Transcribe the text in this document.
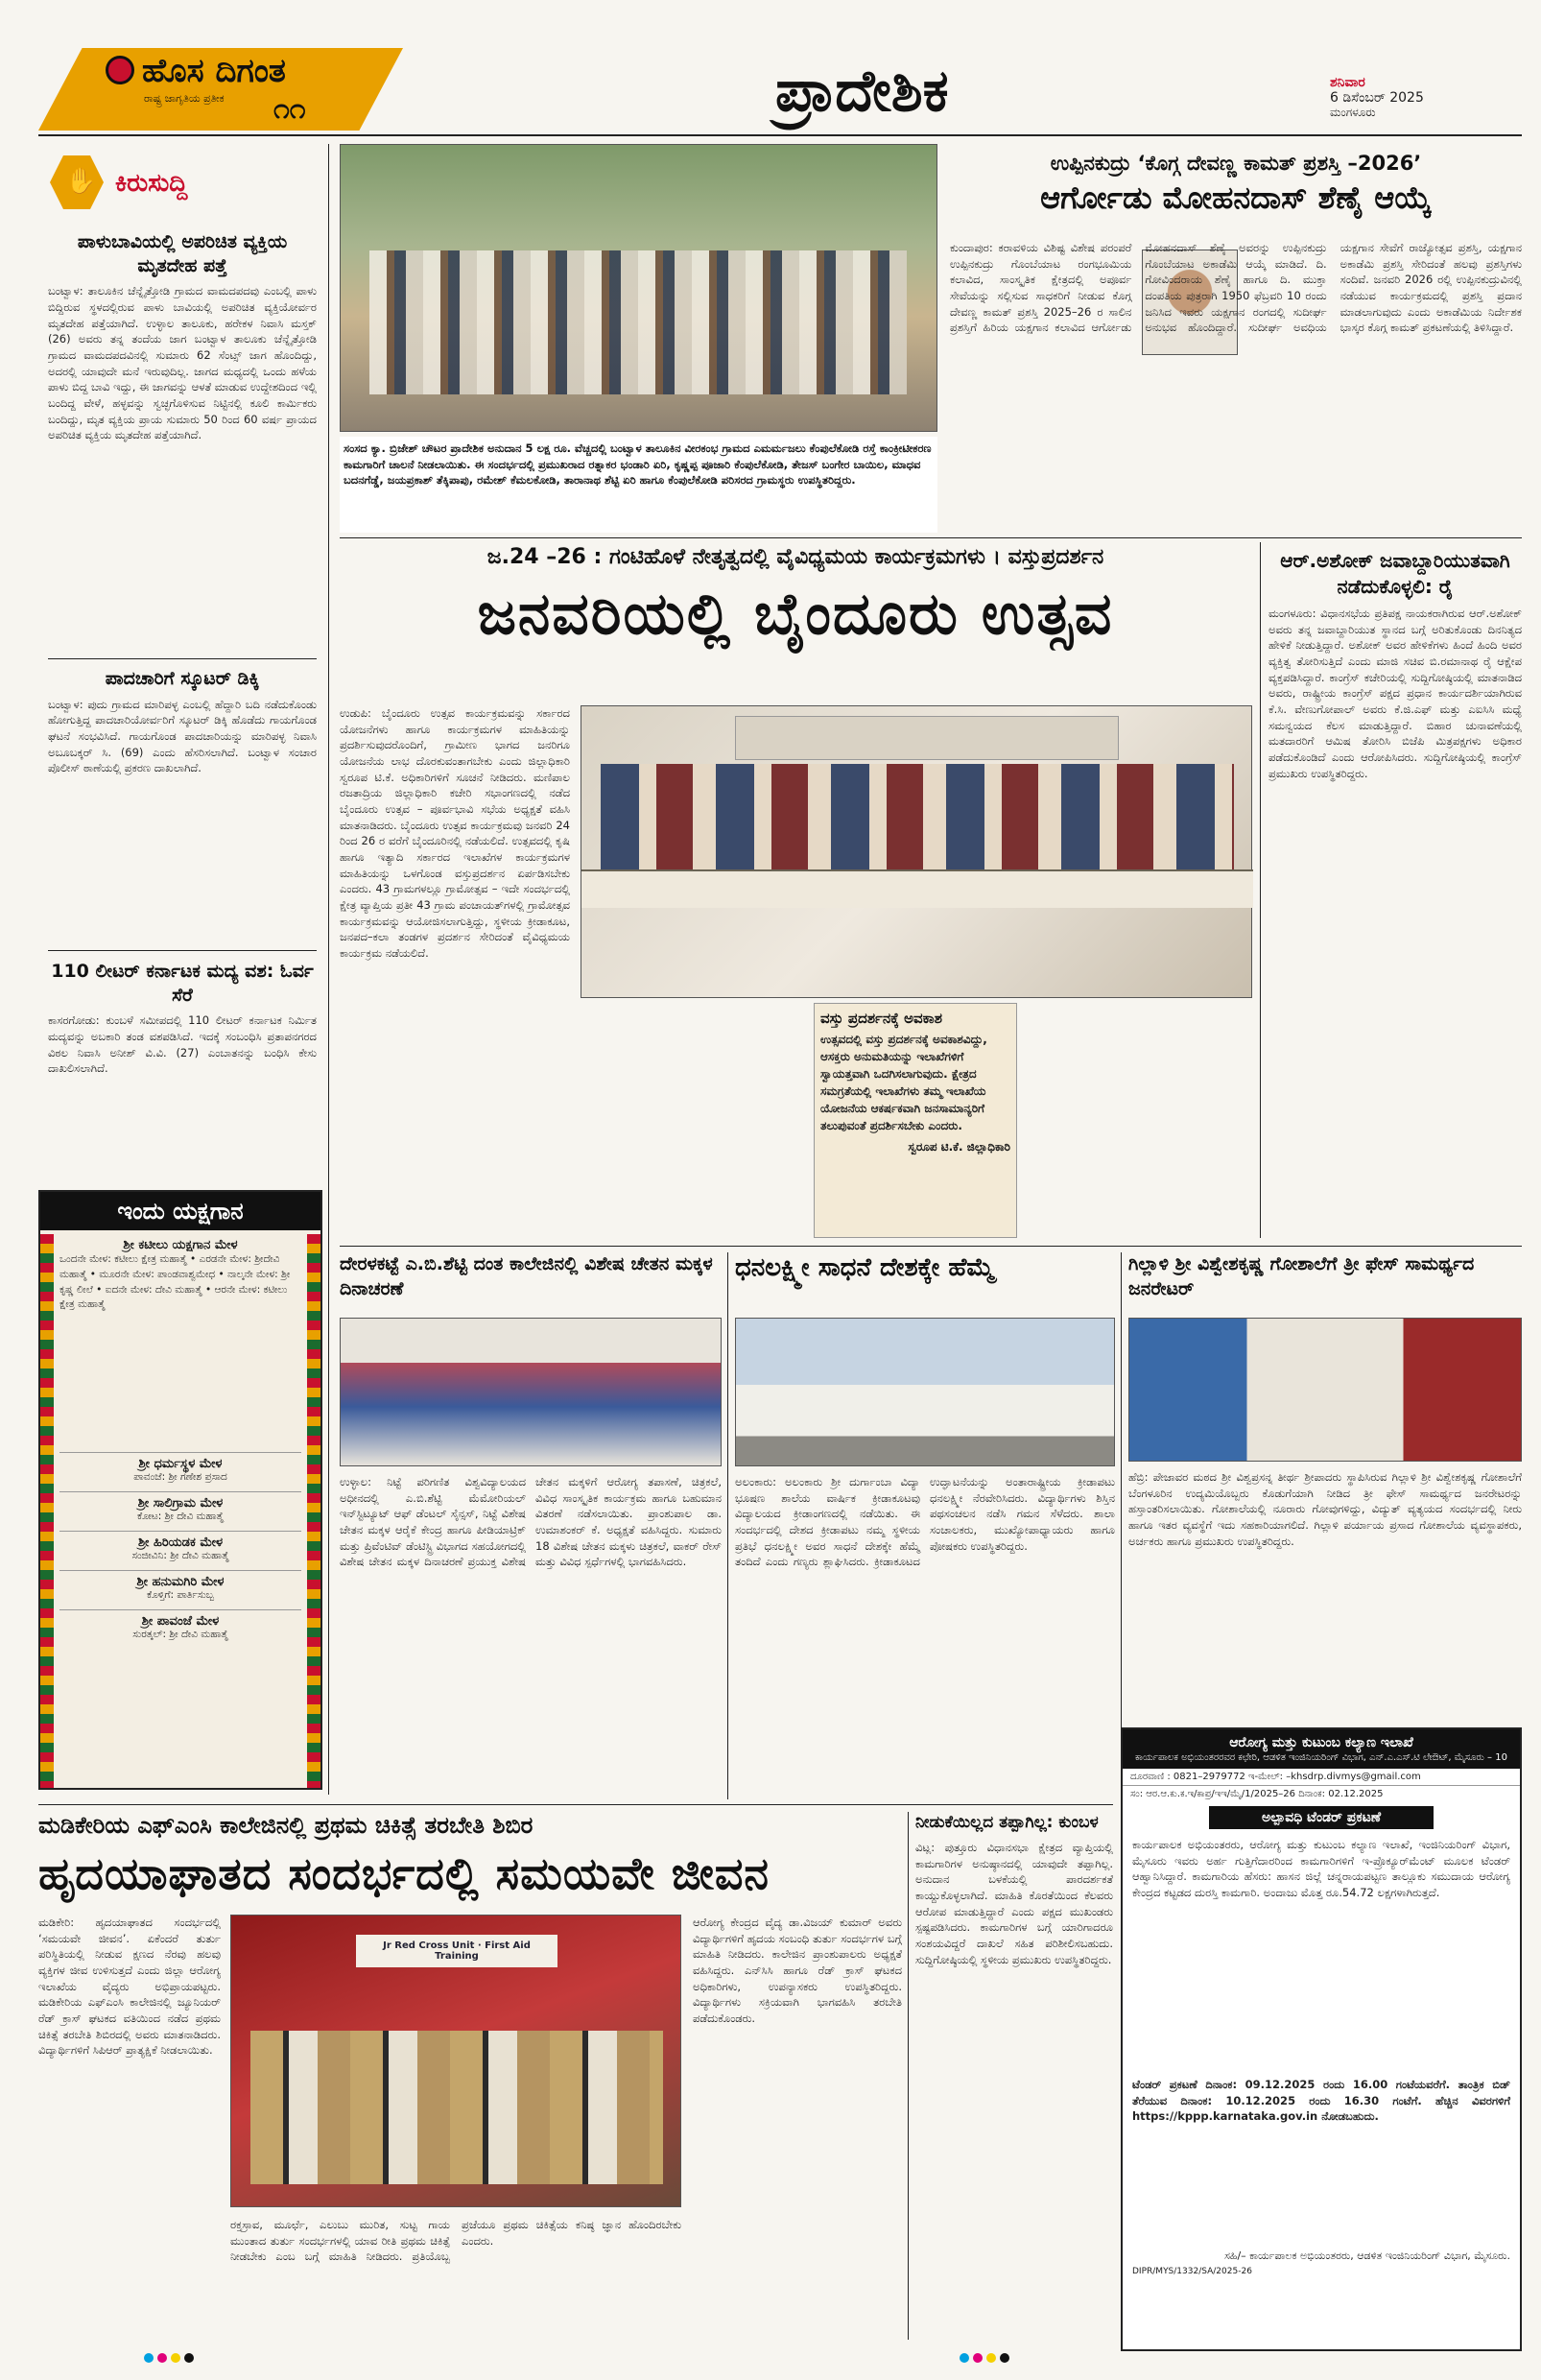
ಹೊಸ ದಿಗಂತ
ರಾಷ್ಟ್ರ ಜಾಗೃತಿಯ ಪ್ರತೀಕ ೧೧	ಪ್ರಾದೇಶಿಕ	ಶನಿವಾರ
6 ಡಿಸೆಂಬರ್ 2025
ಮಂಗಳೂರು
✋ ಕಿರುಸುದ್ದಿ
ಪಾಳುಬಾವಿಯಲ್ಲಿ ಅಪರಿಚಿತ ವ್ಯಕ್ತಿಯ ಮೃತದೇಹ ಪತ್ತೆ
ಬಂಟ್ವಾಳ: ತಾಲೂಕಿನ ಚೆನ್ನೈತ್ತೋಡಿ ಗ್ರಾಮದ ವಾಮದಪದವು ಎಂಬಲ್ಲಿ ಪಾಳು ಬಿದ್ದಿರುವ ಸ್ಥಳದಲ್ಲಿರುವ ಪಾಳು ಬಾವಿಯಲ್ಲಿ ಅಪರಿಚಿತ ವ್ಯಕ್ತಿಯೋರ್ವರ ಮೃತದೇಹ ಪತ್ತೆಯಾಗಿದೆ. ಉಳ್ಳಾಲ ತಾಲೂಕು, ಹರೇಕಳ ನಿವಾಸಿ ಮಸ್ತಕ್ (26) ಅವರು ತನ್ನ ತಂದೆಯ ಜಾಗ ಬಂಟ್ವಾಳ ತಾಲೂಕು ಚೆನ್ನೈತ್ತೋಡಿ ಗ್ರಾಮದ ವಾಮದಪದವಿನಲ್ಲಿ ಸುಮಾರು 62 ಸೆಂಟ್ಸ್ ಜಾಗ ಹೊಂದಿದ್ದು, ಅದರಲ್ಲಿ ಯಾವುದೇ ಮನೆ ಇರುವುದಿಲ್ಲ. ಜಾಗದ ಮಧ್ಯದಲ್ಲಿ ಒಂದು ಹಳೆಯ ಪಾಳು ಬಿದ್ದ ಬಾವಿ ಇದ್ದು, ಈ ಜಾಗವನ್ನು ಆಳತೆ ಮಾಡುವ ಉದ್ದೇಶದಿಂದ ಇಲ್ಲಿ ಬಂದಿದ್ದ ವೇಳೆ, ಹಳ್ಳವನ್ನು ಸ್ವಚ್ಛಗೊಳಿಸುವ ನಿಟ್ಟಿನಲ್ಲಿ ಕೂಲಿ ಕಾರ್ಮಿಕರು ಬಂದಿದ್ದು, ಮೃತ ವ್ಯಕ್ತಿಯ ಪ್ರಾಯ ಸುಮಾರು 50 ರಿಂದ 60 ವರ್ಷ ಪ್ರಾಯದ ಅಪರಿಚಿತ ವ್ಯಕ್ತಿಯ ಮೃತದೇಹ ಪತ್ತೆಯಾಗಿದೆ.
ಪಾದಚಾರಿಗೆ ಸ್ಕೂಟರ್ ಡಿಕ್ಕಿ
ಬಂಟ್ವಾಳ: ಪುದು ಗ್ರಾಮದ ಮಾರಿಪಳ್ಳ ಎಂಬಲ್ಲಿ ಹೆದ್ದಾರಿ ಬದಿ ನಡೆದುಕೊಂಡು ಹೋಗುತ್ತಿದ್ದ ಪಾದಚಾರಿಯೋರ್ವರಿಗೆ ಸ್ಕೂಟರ್ ಡಿಕ್ಕಿ ಹೊಡೆದು ಗಾಯಗೊಂಡ ಘಟನೆ ಸಂಭವಿಸಿದೆ. ಗಾಯಗೊಂಡ ಪಾದಚಾರಿಯನ್ನು ಮಾರಿಪಳ್ಳ ನಿವಾಸಿ ಅಬೂಬಕ್ಕರ್ ಸಿ. (69) ಎಂದು ಹೆಸರಿಸಲಾಗಿದೆ. ಬಂಟ್ವಾಳ ಸಂಚಾರ ಪೊಲೀಸ್ ಠಾಣೆಯಲ್ಲಿ ಪ್ರಕರಣ ದಾಖಲಾಗಿದೆ.
110 ಲೀಟರ್ ಕರ್ನಾಟಕ ಮದ್ಯ ವಶ: ಓರ್ವ ಸೆರೆ
ಕಾಸರಗೋಡು: ಕುಂಬಳೆ ಸಮೀಪದಲ್ಲಿ 110 ಲೀಟರ್ ಕರ್ನಾಟಕ ನಿರ್ಮಿತ ಮದ್ಯವನ್ನು ಅಬಕಾರಿ ತಂಡ ವಶಪಡಿಸಿದೆ. ಇದಕ್ಕೆ ಸಂಬಂಧಿಸಿ ಪ್ರತಾಪನಗರದ ವಿಠಲ ನಿವಾಸಿ ಅನೀಶ್ ವಿ.ವಿ. (27) ಎಂಬಾತನನ್ನು ಬಂಧಿಸಿ ಕೇಸು ದಾಖಲಿಸಲಾಗಿದೆ.
ಇಂದು ಯಕ್ಷಗಾನ
ಶ್ರೀ ಕಟೀಲು ಯಕ್ಷಗಾನ ಮೇಳ
ಒಂದನೇ ಮೇಳ: ಕಟೀಲು ಕ್ಷೇತ್ರ ಮಹಾತ್ಮೆ • ಎರಡನೇ ಮೇಳ: ಶ್ರೀದೇವಿ ಮಹಾತ್ಮೆ • ಮೂರನೇ ಮೇಳ: ಪಾಂಡವಾಶ್ವಮೇಧ • ನಾಲ್ಕನೇ ಮೇಳ: ಶ್ರೀ ಕೃಷ್ಣ ಲೀಲೆ • ಐದನೇ ಮೇಳ: ದೇವಿ ಮಹಾತ್ಮೆ • ಆರನೇ ಮೇಳ: ಕಟೀಲು ಕ್ಷೇತ್ರ ಮಹಾತ್ಮೆ
ಶ್ರೀ ಧರ್ಮಸ್ಥಳ ಮೇಳ
ಪಾವಂಜೆ: ಶ್ರೀ ಗಣೇಶ ಪ್ರಸಾದ
ಶ್ರೀ ಸಾಲಿಗ್ರಾಮ ಮೇಳ
ಕೋಟ: ಶ್ರೀ ದೇವಿ ಮಹಾತ್ಮೆ
ಶ್ರೀ ಹಿರಿಯಡಕ ಮೇಳ
ಸಂಜೀವಿನಿ: ಶ್ರೀ ದೇವಿ ಮಹಾತ್ಮೆ
ಶ್ರೀ ಹನುಮಗಿರಿ ಮೇಳ
ಕೊಳ್ತಿಗೆ: ಪಾರ್ತಿಸುಬ್ಬ
ಶ್ರೀ ಪಾವಂಜೆ ಮೇಳ
ಸುರತ್ಕಲ್: ಶ್ರೀ ದೇವಿ ಮಹಾತ್ಮೆ
ಸಂಸದ ಕ್ಯಾ. ಬ್ರಿಜೇಶ್ ಚೌಟರ ಪ್ರಾದೇಶಿಕ ಅನುದಾನ 5 ಲಕ್ಷ ರೂ. ವೆಚ್ಚದಲ್ಲಿ ಬಂಟ್ವಾಳ ತಾಲೂಕಿನ ವೀರಕಂಭ ಗ್ರಾಮದ ಎಮರ್ಮಜಲು ಕೆಂಪುಲೆಕೋಡಿ ರಸ್ತೆ ಕಾಂಕ್ರೀಟೀಕರಣ ಕಾಮಗಾರಿಗೆ ಚಾಲನೆ ನೀಡಲಾಯಿತು. ಈ ಸಂದರ್ಭದಲ್ಲಿ ಪ್ರಮುಖರಾದ ರತ್ನಾಕರ ಭಂಡಾರಿ ಏರಿ, ಕೃಷ್ಣಪ್ಪ ಪೂಜಾರಿ ಕೆಂಪುಲೆಕೋಡಿ, ತೇಜಸ್ ಬಂಗೇರ ಬಾಯಿಲ, ಮಾಧವ ಬದನಗೆಡ್ಡೆ, ಜಯಪ್ರಕಾಶ್ ತೆಕ್ಕಿಪಾಪು, ರಮೇಶ್ ಕೆಮಲಕೋಡಿ, ತಾರಾನಾಥ ಶೆಟ್ಟಿ ಏರಿ ಹಾಗೂ ಕೆಂಪುಲೆಕೋಡಿ ಪರಿಸರದ ಗ್ರಾಮಸ್ಥರು ಉಪಸ್ಥಿತರಿದ್ದರು.
ಉಪ್ಪಿನಕುದ್ರು ‘ಕೊಗ್ಗ ದೇವಣ್ಣ ಕಾಮತ್ ಪ್ರಶಸ್ತಿ –2026’
ಆರ್ಗೋಡು ಮೋಹನದಾಸ್ ಶೆಣೈ ಆಯ್ಕೆ
ಕುಂದಾಪುರ: ಕರಾವಳಿಯ ವಿಶಿಷ್ಟ ವಿಶೇಷ ಪರಂಪರೆ ಉಪ್ಪಿನಕುದ್ರು ಗೊಂಬೆಯಾಟ ರಂಗಭೂಮಿಯ ಕಲಾವಿದ, ಸಾಂಸ್ಕೃತಿಕ ಕ್ಷೇತ್ರದಲ್ಲಿ ಅಪೂರ್ವ ಸೇವೆಯನ್ನು ಸಲ್ಲಿಸುವ ಸಾಧಕರಿಗೆ ನೀಡುವ ಕೊಗ್ಗ ದೇವಣ್ಣ ಕಾಮತ್ ಪ್ರಶಸ್ತಿ 2025–26 ರ ಸಾಲಿನ ಪ್ರಶಸ್ತಿಗೆ ಹಿರಿಯ ಯಕ್ಷಗಾನ ಕಲಾವಿದ ಆರ್ಗೋಡು ಮೋಹನದಾಸ್ ಶೆಣೈ ಅವರನ್ನು ಉಪ್ಪಿನಕುದ್ರು ಗೊಂಬೆಯಾಟ ಅಕಾಡೆಮಿ ಆಯ್ಕೆ ಮಾಡಿದೆ. ದಿ. ಗೋವಿಂದರಾಯ ಶೆಣೈ ಹಾಗೂ ದಿ. ಮುಕ್ತಾ ದಂಪತಿಯ ಪುತ್ರರಾಗಿ 1950 ಫೆಬ್ರವರಿ 10 ರಂದು ಜನಿಸಿದ ಇವರು ಯಕ್ಷಗಾನ ರಂಗದಲ್ಲಿ ಸುದೀರ್ಘ ಅನುಭವ ಹೊಂದಿದ್ದಾರೆ. ಸುದೀರ್ಘ ಅವಧಿಯ ಯಕ್ಷಗಾನ ಸೇವೆಗೆ ರಾಜ್ಯೋತ್ಸವ ಪ್ರಶಸ್ತಿ, ಯಕ್ಷಗಾನ ಅಕಾಡೆಮಿ ಪ್ರಶಸ್ತಿ ಸೇರಿದಂತೆ ಹಲವು ಪ್ರಶಸ್ತಿಗಳು ಸಂದಿವೆ. ಜನವರಿ 2026 ರಲ್ಲಿ ಉಪ್ಪಿನಕುದ್ರುವಿನಲ್ಲಿ ನಡೆಯುವ ಕಾರ್ಯಕ್ರಮದಲ್ಲಿ ಪ್ರಶಸ್ತಿ ಪ್ರದಾನ ಮಾಡಲಾಗುವುದು ಎಂದು ಅಕಾಡೆಮಿಯ ನಿರ್ದೇಶಕ ಭಾಸ್ಕರ ಕೊಗ್ಗ ಕಾಮತ್ ಪ್ರಕಟಣೆಯಲ್ಲಿ ತಿಳಿಸಿದ್ದಾರೆ.
ಜ.24 –26 : ಗಂಟಿಹೊಳೆ ನೇತೃತ್ವದಲ್ಲಿ ವೈವಿಧ್ಯಮಯ ಕಾರ್ಯಕ್ರಮಗಳು । ವಸ್ತುಪ್ರದರ್ಶನ
ಜನವರಿಯಲ್ಲಿ ಬೈಂದೂರು ಉತ್ಸವ
ಉಡುಪಿ: ಬೈಂದೂರು ಉತ್ಸವ ಕಾರ್ಯಕ್ರಮವನ್ನು ಸರ್ಕಾರದ ಯೋಜನೆಗಳು ಹಾಗೂ ಕಾರ್ಯಕ್ರಮಗಳ ಮಾಹಿತಿಯನ್ನು ಪ್ರದರ್ಶಿಸುವುದರೊಂದಿಗೆ, ಗ್ರಾಮೀಣ ಭಾಗದ ಜನರಿಗೂ ಯೋಜನೆಯ ಲಾಭ ದೊರಕುವಂತಾಗಬೇಕು ಎಂದು ಜಿಲ್ಲಾಧಿಕಾರಿ ಸ್ವರೂಪ ಟಿ.ಕೆ. ಅಧಿಕಾರಿಗಳಿಗೆ ಸೂಚನೆ ನೀಡಿದರು. ಮಣಿಪಾಲ ರಜತಾದ್ರಿಯ ಜಿಲ್ಲಾಧಿಕಾರಿ ಕಚೇರಿ ಸಭಾಂಗಣದಲ್ಲಿ ನಡೆದ ಬೈಂದೂರು ಉತ್ಸವ – ಪೂರ್ವಭಾವಿ ಸಭೆಯ ಅಧ್ಯಕ್ಷತೆ ವಹಿಸಿ ಮಾತನಾಡಿದರು. ಬೈಂದೂರು ಉತ್ಸವ ಕಾರ್ಯಕ್ರಮವು ಜನವರಿ 24 ರಿಂದ 26 ರ ವರೆಗೆ ಬೈಂದೂರಿನಲ್ಲಿ ನಡೆಯಲಿದೆ. ಉತ್ಸವದಲ್ಲಿ ಕೃಷಿ ಹಾಗೂ ಇತ್ಯಾದಿ ಸರ್ಕಾರದ ಇಲಾಖೆಗಳ ಕಾರ್ಯಕ್ರಮಗಳ ಮಾಹಿತಿಯನ್ನು ಒಳಗೊಂಡ ವಸ್ತುಪ್ರದರ್ಶನ ಏರ್ಪಡಿಸಬೇಕು ಎಂದರು. 43 ಗ್ರಾಮಗಳಲ್ಲೂ ಗ್ರಾಮೋತ್ಸವ – ಇದೇ ಸಂದರ್ಭದಲ್ಲಿ ಕ್ಷೇತ್ರ ವ್ಯಾಪ್ತಿಯ ಪ್ರತೀ 43 ಗ್ರಾಮ ಪಂಚಾಯತ್‌ಗಳಲ್ಲಿ ಗ್ರಾಮೋತ್ಸವ ಕಾರ್ಯಕ್ರಮವನ್ನು ಆಯೋಜಿಸಲಾಗುತ್ತಿದ್ದು, ಸ್ಥಳೀಯ ಕ್ರೀಡಾಕೂಟ, ಜನಪದ–ಕಲಾ ತಂಡಗಳ ಪ್ರದರ್ಶನ ಸೇರಿದಂತೆ ವೈವಿಧ್ಯಮಯ ಕಾರ್ಯಕ್ರಮ ನಡೆಯಲಿದೆ.
ವಸ್ತು ಪ್ರದರ್ಶನಕ್ಕೆ ಅವಕಾಶ
ಉತ್ಸವದಲ್ಲಿ ವಸ್ತು ಪ್ರದರ್ಶನಕ್ಕೆ ಅವಕಾಶವಿದ್ದು, ಆಸಕ್ತರು ಅನುಮತಿಯನ್ನು ಇಲಾಖೆಗಳಿಗೆ ಸ್ವಾಯತ್ತವಾಗಿ ಒದಗಿಸಲಾಗುವುದು. ಕ್ಷೇತ್ರದ ಸಮಗ್ರತೆಯಲ್ಲಿ ಇಲಾಖೆಗಳು ತಮ್ಮ ಇಲಾಖೆಯ ಯೋಜನೆಯ ಆಕರ್ಷಕವಾಗಿ ಜನಸಾಮಾನ್ಯರಿಗೆ ತಲುಪುವಂತೆ ಪ್ರದರ್ಶಿಸಬೇಕು ಎಂದರು.
ಸ್ವರೂಪ ಟಿ.ಕೆ. ಜಿಲ್ಲಾಧಿಕಾರಿ
ಆರ್.ಅಶೋಕ್ ಜವಾಬ್ದಾರಿಯುತವಾಗಿ ನಡೆದುಕೊಳ್ಳಲಿ: ರೈ
ಮಂಗಳೂರು: ವಿಧಾನಸಭೆಯ ಪ್ರತಿಪಕ್ಷ ನಾಯಕರಾಗಿರುವ ಆರ್.ಅಶೋಕ್ ಅವರು ತನ್ನ ಜವಾಬ್ದಾರಿಯುತ ಸ್ಥಾನದ ಬಗ್ಗೆ ಅರಿತುಕೊಂಡು ದಿನನಿತ್ಯದ ಹೇಳಿಕೆ ನೀಡುತ್ತಿದ್ದಾರೆ. ಅಶೋಕ್ ಅವರ ಹೇಳಿಕೆಗಳು ಹಿಂದೆ ಹಿಂದಿ ಅವರ ವ್ಯಕ್ತಿತ್ವ ತೋರಿಸುತ್ತಿದೆ ಎಂದು ಮಾಜಿ ಸಚಿವ ಬಿ.ರಮಾನಾಥ ರೈ ಆಕ್ಷೇಪ ವ್ಯಕ್ತಪಡಿಸಿದ್ದಾರೆ. ಕಾಂಗ್ರೆಸ್ ಕಚೇರಿಯಲ್ಲಿ ಸುದ್ದಿಗೋಷ್ಠಿಯಲ್ಲಿ ಮಾತನಾಡಿದ ಅವರು, ರಾಷ್ಟ್ರೀಯ ಕಾಂಗ್ರೆಸ್ ಪಕ್ಷದ ಪ್ರಧಾನ ಕಾರ್ಯದರ್ಶಿಯಾಗಿರುವ ಕೆ.ಸಿ. ವೇಣುಗೋಪಾಲ್ ಅವರು ಕೆ.ಜಿ.ಎಫ್ ಮತ್ತು ಎಐಸಿಸಿ ಮಧ್ಯೆ ಸಮನ್ವಯದ ಕೆಲಸ ಮಾಡುತ್ತಿದ್ದಾರೆ. ಬಿಹಾರ ಚುನಾವಣೆಯಲ್ಲಿ ಮತದಾರರಿಗೆ ಆಮಿಷ ತೋರಿಸಿ ಬಿಜೆಪಿ ಮಿತ್ರಪಕ್ಷಗಳು ಅಧಿಕಾರ ಪಡೆದುಕೊಂಡಿದೆ ಎಂದು ಆರೋಪಿಸಿದರು. ಸುದ್ದಿಗೋಷ್ಠಿಯಲ್ಲಿ ಕಾಂಗ್ರೆಸ್ ಪ್ರಮುಖರು ಉಪಸ್ಥಿತರಿದ್ದರು.
ದೇರಳಕಟ್ಟೆ ಎ.ಬಿ.ಶೆಟ್ಟಿ ದಂತ ಕಾಲೇಜಿನಲ್ಲಿ ವಿಶೇಷ ಚೇತನ ಮಕ್ಕಳ ದಿನಾಚರಣೆ
ಉಳ್ಳಾಲ: ನಿಟ್ಟೆ ಪರಿಗಣಿತ ವಿಶ್ವವಿದ್ಯಾಲಯದ ಅಧೀನದಲ್ಲಿ ಎ.ಬಿ.ಶೆಟ್ಟಿ ಮೆಮೋರಿಯಲ್ ಇನ್‌ಸ್ಟಿಟ್ಯೂಟ್ ಆಫ್ ಡೆಂಟಲ್ ಸೈನ್ಸಸ್, ನಿಟ್ಟೆ ವಿಶೇಷ ಚೇತನ ಮಕ್ಕಳ ಆರೈಕೆ ಕೇಂದ್ರ ಹಾಗೂ ಪೀಡಿಯಾಟ್ರಿಕ್ ಮತ್ತು ಪ್ರಿವೆಂಟಿವ್ ಡೆಂಟಿಸ್ಟ್ರಿ ವಿಭಾಗದ ಸಹಯೋಗದಲ್ಲಿ ವಿಶೇಷ ಚೇತನ ಮಕ್ಕಳ ದಿನಾಚರಣೆ ಪ್ರಯುಕ್ತ ವಿಶೇಷ ಚೇತನ ಮಕ್ಕಳಿಗೆ ಆರೋಗ್ಯ ತಪಾಸಣೆ, ಚಿತ್ರಕಲೆ, ವಿವಿಧ ಸಾಂಸ್ಕೃತಿಕ ಕಾರ್ಯಕ್ರಮ ಹಾಗೂ ಬಹುಮಾನ ವಿತರಣೆ ನಡೆಸಲಾಯಿತು. ಪ್ರಾಂಶುಪಾಲ ಡಾ. ಉಮಾಶಂಕರ್ ಕೆ. ಅಧ್ಯಕ್ಷತೆ ವಹಿಸಿದ್ದರು. ಸುಮಾರು 18 ವಿಶೇಷ ಚೇತನ ಮಕ್ಕಳು ಚಿತ್ರಕಲೆ, ವಾಕರ್ ರೇಸ್ ಮತ್ತು ವಿವಿಧ ಸ್ಪರ್ಧೆಗಳಲ್ಲಿ ಭಾಗವಹಿಸಿದರು.
ಧನಲಕ್ಷ್ಮೀ ಸಾಧನೆ ದೇಶಕ್ಕೇ ಹೆಮ್ಮೆ
ಅಲಂಕಾರು: ಅಲಂಕಾರು ಶ್ರೀ ದುರ್ಗಾಂಬಾ ವಿದ್ಯಾ ಭೂಷಣ ಶಾಲೆಯ ವಾರ್ಷಿಕ ಕ್ರೀಡಾಕೂಟವು ವಿದ್ಯಾಲಯದ ಕ್ರೀಡಾಂಗಣದಲ್ಲಿ ನಡೆಯಿತು. ಈ ಸಂದರ್ಭದಲ್ಲಿ ದೇಶದ ಕ್ರೀಡಾಪಟು ನಮ್ಮ ಸ್ಥಳೀಯ ಪ್ರತಿಭೆ ಧನಲಕ್ಷ್ಮೀ ಅವರ ಸಾಧನೆ ದೇಶಕ್ಕೇ ಹೆಮ್ಮೆ ತಂದಿದೆ ಎಂದು ಗಣ್ಯರು ಶ್ಲಾಘಿಸಿದರು. ಕ್ರೀಡಾಕೂಟದ ಉದ್ಘಾಟನೆಯನ್ನು ಅಂತಾರಾಷ್ಟ್ರೀಯ ಕ್ರೀಡಾಪಟು ಧನಲಕ್ಷ್ಮೀ ನೆರವೇರಿಸಿದರು. ವಿದ್ಯಾರ್ಥಿಗಳು ಶಿಸ್ತಿನ ಪಥಸಂಚಲನ ನಡೆಸಿ ಗಮನ ಸೆಳೆದರು. ಶಾಲಾ ಸಂಚಾಲಕರು, ಮುಖ್ಯೋಪಾಧ್ಯಾಯರು ಹಾಗೂ ಪೋಷಕರು ಉಪಸ್ಥಿತರಿದ್ದರು.
ಗಿಲ್ಲಾಳಿ ಶ್ರೀ ವಿಶ್ವೇಶಕೃಷ್ಣ ಗೋಶಾಲೆಗೆ ತ್ರೀ ಫೇಸ್ ಸಾಮರ್ಥ್ಯದ ಜನರೇಟರ್
ಹೆಬ್ರಿ: ಪೇಜಾವರ ಮಠದ ಶ್ರೀ ವಿಶ್ವಪ್ರಸನ್ನ ತೀರ್ಥ ಶ್ರೀಪಾದರು ಸ್ಥಾಪಿಸಿರುವ ಗಿಲ್ಲಾಳಿ ಶ್ರೀ ವಿಶ್ವೇಶಕೃಷ್ಣ ಗೋಶಾಲೆಗೆ ಬೆಂಗಳೂರಿನ ಉದ್ಯಮಿಯೊಬ್ಬರು ಕೊಡುಗೆಯಾಗಿ ನೀಡಿದ ತ್ರೀ ಫೇಸ್ ಸಾಮರ್ಥ್ಯದ ಜನರೇಟರನ್ನು ಹಸ್ತಾಂತರಿಸಲಾಯಿತು. ಗೋಶಾಲೆಯಲ್ಲಿ ನೂರಾರು ಗೋವುಗಳಿದ್ದು, ವಿದ್ಯುತ್ ವ್ಯತ್ಯಯದ ಸಂದರ್ಭದಲ್ಲಿ ನೀರು ಹಾಗೂ ಇತರ ವ್ಯವಸ್ಥೆಗೆ ಇದು ಸಹಕಾರಿಯಾಗಲಿದೆ. ಗಿಲ್ಲಾಳಿ ಪರ್ಯಾಯ ಪ್ರಸಾದ ಗೋಶಾಲೆಯ ವ್ಯವಸ್ಥಾಪಕರು, ಅರ್ಚಕರು ಹಾಗೂ ಪ್ರಮುಖರು ಉಪಸ್ಥಿತರಿದ್ದರು.
ಆರೋಗ್ಯ ಮತ್ತು ಕುಟುಂಬ ಕಲ್ಯಾಣ ಇಲಾಖೆ
ಕಾರ್ಯಪಾಲಕ ಅಭಿಯಂತರರವರ ಕಛೇರಿ, ಆಡಳಿತ ಇಂಜಿನಿಯರಿಂಗ್ ವಿಭಾಗ, ಎನ್.ಎ.ಎಸ್.ಟಿ ಲೇಔಟ್, ಮೈಸೂರು – 10
ದೂರವಾಣಿ : 0821–2979772 ಇ-ಮೇಲ್: –khsdrp.divmys@gmail.com
ಸಂ: ಆರ.ಆ.ಕು.ಕ.ಇ/ಕಾಪ್ರ/ಇಇ/ಮೈ/1/2025–26 ದಿನಾಂಕ: 02.12.2025
ಅಲ್ಪಾವಧಿ ಟೆಂಡರ್ ಪ್ರಕಟಣೆ
ಕಾರ್ಯಪಾಲಕ ಅಭಿಯಂತರರು, ಆರೋಗ್ಯ ಮತ್ತು ಕುಟುಂಬ ಕಲ್ಯಾಣ ಇಲಾಖೆ, ಇಂಜಿನಿಯರಿಂಗ್ ವಿಭಾಗ, ಮೈಸೂರು ಇವರು ಅರ್ಹ ಗುತ್ತಿಗೆದಾರರಿಂದ ಕಾಮಗಾರಿಗಳಿಗೆ ಇ-ಪ್ರೊಕ್ಯೂರ್‌ಮೆಂಟ್ ಮೂಲಕ ಟೆಂಡರ್ ಆಹ್ವಾನಿಸಿದ್ದಾರೆ. ಕಾಮಗಾರಿಯ ಹೆಸರು: ಹಾಸನ ಜಿಲ್ಲೆ ಚನ್ನರಾಯಪಟ್ಟಣ ತಾಲ್ಲೂಕು ಸಮುದಾಯ ಆರೋಗ್ಯ ಕೇಂದ್ರದ ಕಟ್ಟಡದ ದುರಸ್ತಿ ಕಾಮಗಾರಿ. ಅಂದಾಜು ಮೊತ್ತ ರೂ.54.72 ಲಕ್ಷಗಳಾಗಿರುತ್ತದೆ.
ಟೆಂಡರ್ ಪ್ರಕಟಣೆ ದಿನಾಂಕ: 09.12.2025 ರಂದು 16.00 ಗಂಟೆಯವರೆಗೆ. ತಾಂತ್ರಿಕ ಬಿಡ್ ತೆರೆಯುವ ದಿನಾಂಕ: 10.12.2025 ರಂದು 16.30 ಗಂಟೆಗೆ. ಹೆಚ್ಚಿನ ವಿವರಗಳಿಗೆ https://kppp.karnataka.gov.in ನೋಡಬಹುದು.
ಸಹಿ/– ಕಾರ್ಯಪಾಲಕ ಅಭಿಯಂತರರು, ಆಡಳಿತ ಇಂಜಿನಿಯರಿಂಗ್ ವಿಭಾಗ, ಮೈಸೂರು.
DIPR/MYS/1332/SA/2025-26
ಮಡಿಕೇರಿಯ ಎಫ್‌ಎಂಸಿ ಕಾಲೇಜಿನಲ್ಲಿ ಪ್ರಥಮ ಚಿಕಿತ್ಸೆ ತರಬೇತಿ ಶಿಬಿರ
ಹೃದಯಾಘಾತದ ಸಂದರ್ಭದಲ್ಲಿ ಸಮಯವೇ ಜೀವನ
ಮಡಿಕೇರಿ: ಹೃದಯಾಘಾತದ ಸಂದರ್ಭದಲ್ಲಿ ‘ಸಮಯವೇ ಜೀವನ’. ಏಕೆಂದರೆ ತುರ್ತು ಪರಿಸ್ಥಿತಿಯಲ್ಲಿ ನೀಡುವ ಕ್ಷಣದ ನೆರವು ಹಲವು ವ್ಯಕ್ತಿಗಳ ಜೀವ ಉಳಿಸುತ್ತದೆ ಎಂದು ಜಿಲ್ಲಾ ಆರೋಗ್ಯ ಇಲಾಖೆಯ ವೈದ್ಯರು ಅಭಿಪ್ರಾಯಪಟ್ಟರು. ಮಡಿಕೇರಿಯ ಎಫ್‌ಎಂಸಿ ಕಾಲೇಜಿನಲ್ಲಿ ಜ್ಯೂನಿಯರ್ ರೆಡ್ ಕ್ರಾಸ್ ಘಟಕದ ವತಿಯಿಂದ ನಡೆದ ಪ್ರಥಮ ಚಿಕಿತ್ಸೆ ತರಬೇತಿ ಶಿಬಿರದಲ್ಲಿ ಅವರು ಮಾತನಾಡಿದರು. ವಿದ್ಯಾರ್ಥಿಗಳಿಗೆ ಸಿಪಿಆರ್ ಪ್ರಾತ್ಯಕ್ಷಿಕೆ ನೀಡಲಾಯಿತು.
Jr Red Cross Unit · First Aid Training
ರಕ್ತಸ್ರಾವ, ಮೂರ್ಛೆ, ಎಲುಬು ಮುರಿತ, ಸುಟ್ಟ ಗಾಯ ಮುಂತಾದ ತುರ್ತು ಸಂದರ್ಭಗಳಲ್ಲಿ ಯಾವ ರೀತಿ ಪ್ರಥಮ ಚಿಕಿತ್ಸೆ ನೀಡಬೇಕು ಎಂಬ ಬಗ್ಗೆ ಮಾಹಿತಿ ನೀಡಿದರು. ಪ್ರತಿಯೊಬ್ಬ ಪ್ರಜೆಯೂ ಪ್ರಥಮ ಚಿಕಿತ್ಸೆಯ ಕನಿಷ್ಠ ಜ್ಞಾನ ಹೊಂದಿರಬೇಕು ಎಂದರು.
ಆರೋಗ್ಯ ಕೇಂದ್ರದ ವೈದ್ಯ ಡಾ.ವಿಜಯ್ ಕುಮಾರ್ ಅವರು ವಿದ್ಯಾರ್ಥಿಗಳಿಗೆ ಹೃದಯ ಸಂಬಂಧಿ ತುರ್ತು ಸಂದರ್ಭಗಳ ಬಗ್ಗೆ ಮಾಹಿತಿ ನೀಡಿದರು. ಕಾಲೇಜಿನ ಪ್ರಾಂಶುಪಾಲರು ಅಧ್ಯಕ್ಷತೆ ವಹಿಸಿದ್ದರು. ಎನ್‌ಸಿಸಿ ಹಾಗೂ ರೆಡ್ ಕ್ರಾಸ್ ಘಟಕದ ಅಧಿಕಾರಿಗಳು, ಉಪನ್ಯಾಸಕರು ಉಪಸ್ಥಿತರಿದ್ದರು. ವಿದ್ಯಾರ್ಥಿಗಳು ಸಕ್ರಿಯವಾಗಿ ಭಾಗವಹಿಸಿ ತರಬೇತಿ ಪಡೆದುಕೊಂಡರು.
ನೀಡುಕೆಯಿಲ್ಲದ ತಪ್ಪಾಗಿಲ್ಲ: ಕುಂಬಳ
ವಿಟ್ಲ: ಪುತ್ತೂರು ವಿಧಾನಸಭಾ ಕ್ಷೇತ್ರದ ವ್ಯಾಪ್ತಿಯಲ್ಲಿ ಕಾಮಗಾರಿಗಳ ಅನುಷ್ಠಾನದಲ್ಲಿ ಯಾವುದೇ ತಪ್ಪಾಗಿಲ್ಲ. ಅನುದಾನ ಬಳಕೆಯಲ್ಲಿ ಪಾರದರ್ಶಕತೆ ಕಾಯ್ದುಕೊಳ್ಳಲಾಗಿದೆ. ಮಾಹಿತಿ ಕೊರತೆಯಿಂದ ಕೆಲವರು ಆರೋಪ ಮಾಡುತ್ತಿದ್ದಾರೆ ಎಂದು ಪಕ್ಷದ ಮುಖಂಡರು ಸ್ಪಷ್ಟಪಡಿಸಿದರು. ಕಾಮಗಾರಿಗಳ ಬಗ್ಗೆ ಯಾರಿಗಾದರೂ ಸಂಶಯವಿದ್ದರೆ ದಾಖಲೆ ಸಹಿತ ಪರಿಶೀಲಿಸಬಹುದು. ಸುದ್ದಿಗೋಷ್ಠಿಯಲ್ಲಿ ಸ್ಥಳೀಯ ಪ್ರಮುಖರು ಉಪಸ್ಥಿತರಿದ್ದರು.
